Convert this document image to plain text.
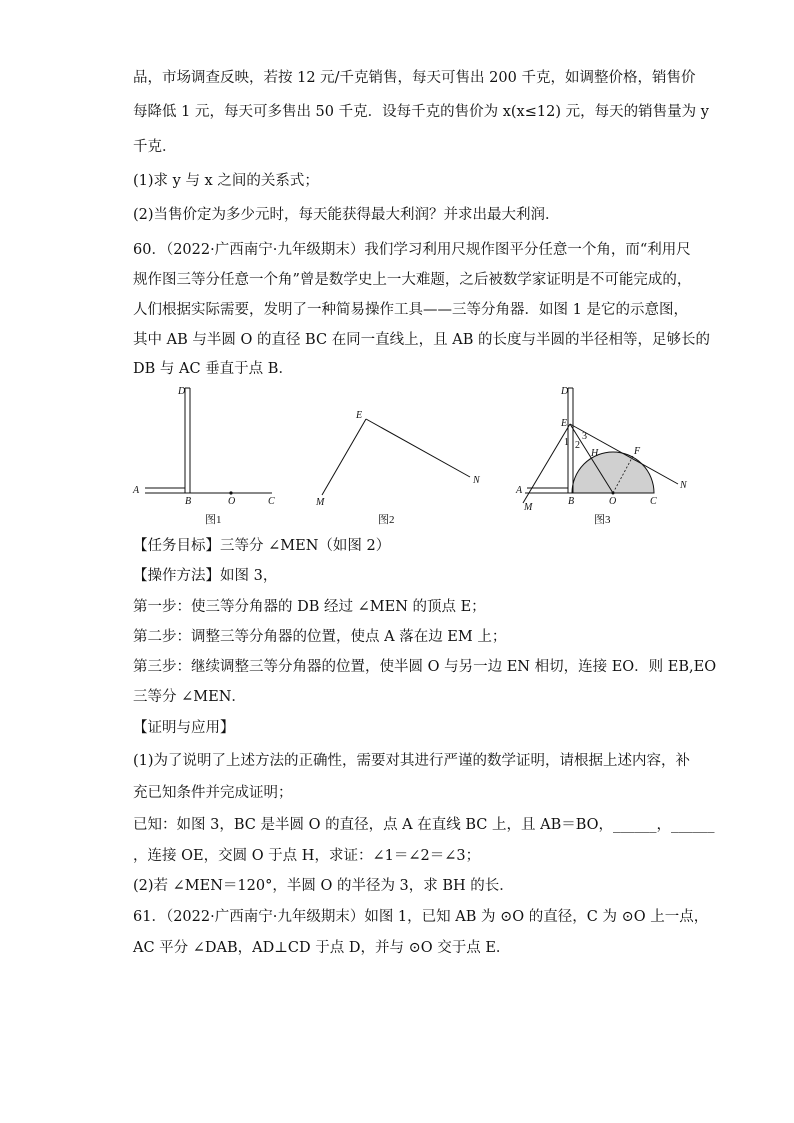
品，市场调查反映，若按 12 元/千克销售，每天可售出 200 千克，如调整价格，销售价
每降低 1 元，每天可多售出 50 千克．设每千克的售价为 x(x≤12) 元，每天的销售量为 y
千克．
(1)求 y 与 x 之间的关系式；
(2)当售价定为多少元时，每天能获得最大利润？并求出最大利润．
60．（2022·广西南宁·九年级期末）我们学习利用尺规作图平分任意一个角，而“利用尺
规作图三等分任意一个角”曾是数学史上一大难题，之后被数学家证明是不可能完成的，
人们根据实际需要，发明了一种简易操作工具——三等分角器．如图 1 是它的示意图，
其中 AB 与半圆 O 的直径 BC 在同一直线上，且 AB 的长度与半圆的半径相等，足够长的
DB 与 AC 垂直于点 B．
D
A
B	O	C
图1
E
M
N
图2
D
E
1 2
3
H	F
N
A
M
B	O	C
图3
【任务目标】三等分 ∠MEN（如图 2）
【操作方法】如图 3，
第一步：使三等分角器的 DB 经过 ∠MEN 的顶点 E；
第二步：调整三等分角器的位置，使点 A 落在边 EM 上；
第三步：继续调整三等分角器的位置，使半圆 O 与另一边 EN 相切，连接 EO．则 EB,EO
三等分 ∠MEN．
【证明与应用】
(1)为了说明了上述方法的正确性，需要对其进行严谨的数学证明，请根据上述内容，补
充已知条件并完成证明；
已知：如图 3，BC 是半圆 O 的直径，点 A 在直线 BC 上，且 AB＝BO，______，______
，连接 OE，交圆 O 于点 H，求证：∠1＝∠2＝∠3；
(2)若 ∠MEN＝120°，半圆 O 的半径为 3，求 BH 的长．
61．（2022·广西南宁·九年级期末）如图 1，已知 AB 为 ⊙O 的直径，C 为 ⊙O 上一点，
AC 平分 ∠DAB，AD⊥CD 于点 D，并与 ⊙O 交于点 E．
